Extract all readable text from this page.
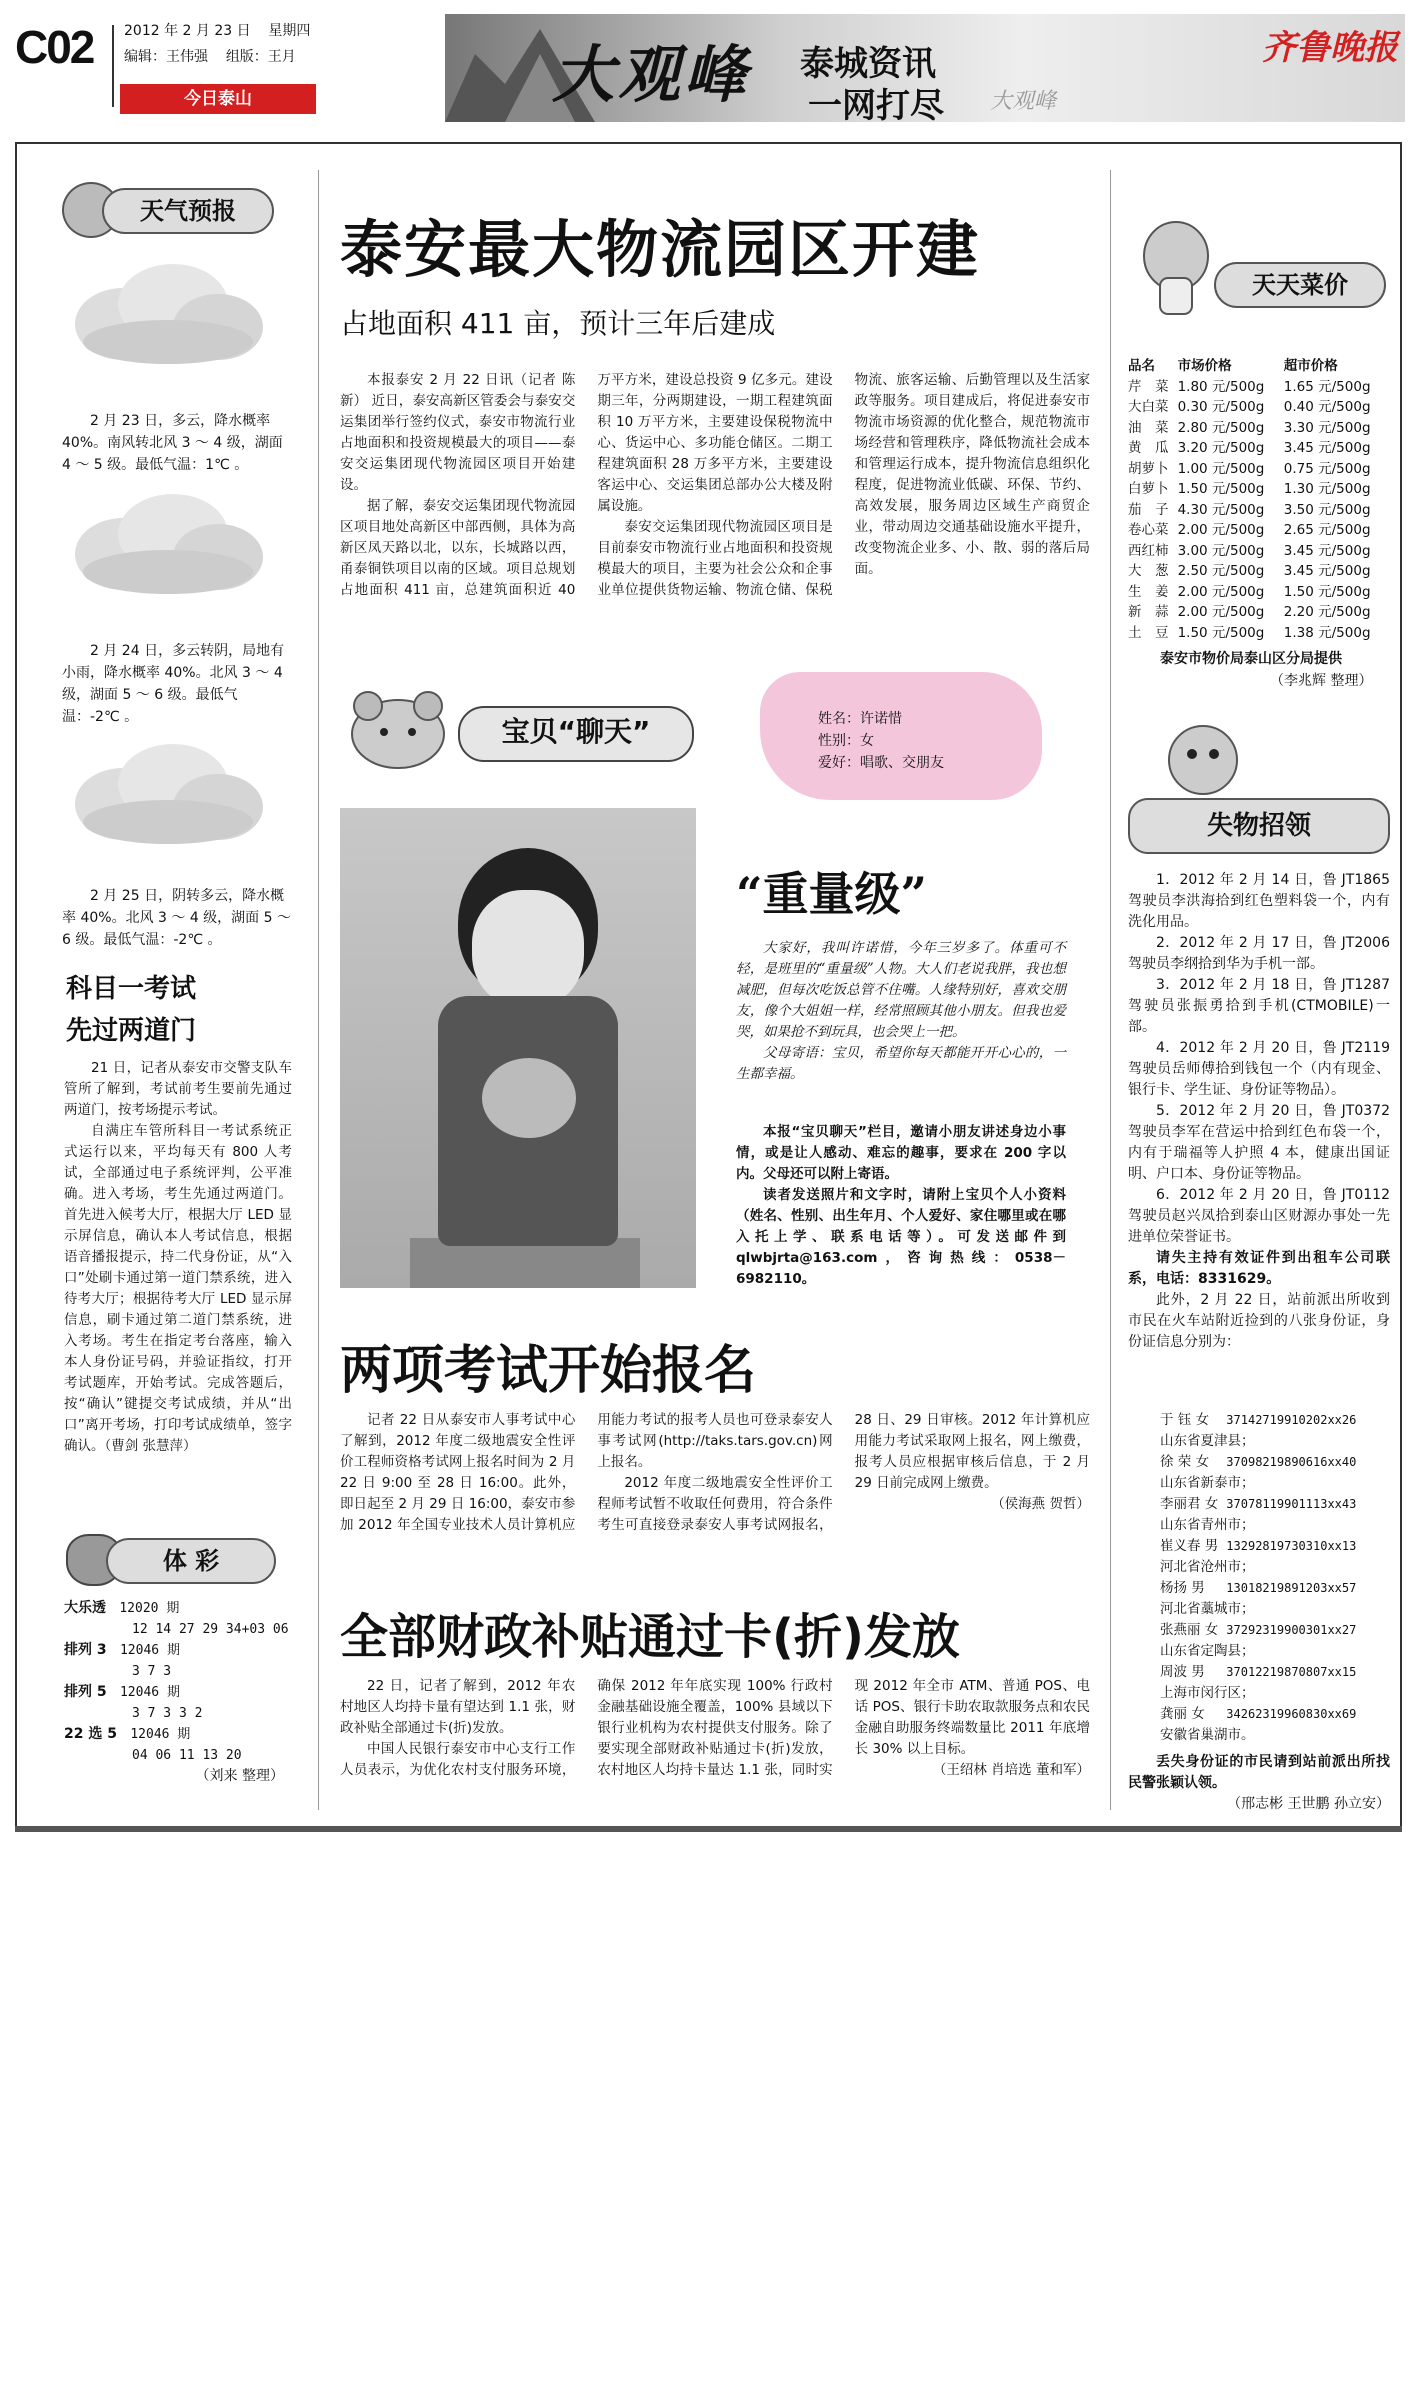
C02 2012 年 2 月 23 日 星期四
编辑：王伟强 组版：王月
今日泰山	大观峰 泰城资讯
一网打尽 大观峰
齐鲁晚报
天气预报

2 月 23 日，多云，降水概率 40%。南风转北风 3 ～ 4 级，湖面 4 ～ 5 级。最低气温：1℃ 。

2 月 24 日，多云转阴，局地有小雨，降水概率 40%。北风 3 ～ 4 级，湖面 5 ～ 6 级。最低气温：-2℃ 。

2 月 25 日，阴转多云，降水概率 40%。北风 3 ～ 4 级，湖面 5 ～ 6 级。最低气温：-2℃ 。

科目一考试
先过两道门

21 日，记者从泰安市交警支队车管所了解到，考试前考生要前先通过两道门，按考场提示考试。

自满庄车管所科目一考试系统正式运行以来，平均每天有 800 人考试，全部通过电子系统评判，公平准确。进入考场，考生先通过两道门。首先进入候考大厅，根据大厅 LED 显示屏信息，确认本人考试信息，根据语音播报提示，持二代身份证，从“入口”处刷卡通过第一道门禁系统，进入待考大厅；根据待考大厅 LED 显示屏信息，刷卡通过第二道门禁系统，进入考场。考生在指定考台落座，输入本人身份证号码，并验证指纹，打开考试题库，开始考试。完成答题后，按“确认”键提交考试成绩，并从“出口”离开考场，打印考试成绩单，签字确认。（曹剑 张慧萍）

体 彩
大乐透 12020 期
12 14 27 29 34+03 06
排列 3 12046 期
3 7 3
排列 5 12046 期
3 7 3 3 2
22 选 5 12046 期
04 06 11 13 20
（刘来 整理）
泰安最大物流园区开建
占地面积 411 亩，预计三年后建成

本报泰安 2 月 22 日讯（记者 陈新） 近日，泰安高新区管委会与泰安交运集团举行签约仪式，泰安市物流行业占地面积和投资规模最大的项目——泰安交运集团现代物流园区项目开始建设。

据了解，泰安交运集团现代物流园区项目地处高新区中部西侧，具体为高新区凤天路以北，以东，长城路以西，甬泰铜铁项目以南的区域。项目总规划占地面积 411 亩，总建筑面积近 40 万平方米，建设总投资 9 亿多元。建设期三年，分两期建设，一期工程建筑面积 10 万平方米，主要建设保税物流中心、货运中心、多功能仓储区。二期工程建筑面积 28 万多平方米，主要建设客运中心、交运集团总部办公大楼及附属设施。

泰安交运集团现代物流园区项目是目前泰安市物流行业占地面积和投资规模最大的项目，主要为社会公众和企事业单位提供货物运输、物流仓储、保税物流、旅客运输、后勤管理以及生活家政等服务。项目建成后，将促进泰安市物流市场资源的优化整合，规范物流市场经营和管理秩序，降低物流社会成本和管理运行成本，提升物流信息组织化程度，促进物流业低碳、环保、节约、高效发展，服务周边区域生产商贸企业，带动周边交通基础设施水平提升，改变物流企业多、小、散、弱的落后局面。

宝贝“聊天”	姓名：许诺惜
性别：女
爱好：唱歌、交朋友
“重量级”

大家好，我叫许诺惜，今年三岁多了。体重可不轻，是班里的“重量级”人物。大人们老说我胖，我也想减肥，但每次吃饭总管不住嘴。人缘特别好，喜欢交朋友，像个大姐姐一样，经常照顾其他小朋友。但我也爱哭，如果抢不到玩具，也会哭上一把。

父母寄语：宝贝，希望你每天都能开开心心的，一生都幸福。

本报“宝贝聊天”栏目，邀请小朋友讲述身边小事情，或是让人感动、难忘的趣事，要求在 200 字以内。父母还可以附上寄语。

读者发送照片和文字时，请附上宝贝个人小资料（姓名、性别、出生年月、个人爱好、家住哪里或在哪入托上学、联系电话等）。可发送邮件到 qlwbjrta@163.com，咨询热线：0538－6982110。

两项考试开始报名

记者 22 日从泰安市人事考试中心了解到，2012 年度二级地震安全性评价工程师资格考试网上报名时间为 2 月 22 日 9:00 至 28 日 16:00。此外，即日起至 2 月 29 日 16:00，泰安市参加 2012 年全国专业技术人员计算机应用能力考试的报考人员也可登录泰安人事考试网(http://taks.tars.gov.cn)网上报名。

2012 年度二级地震安全性评价工程师考试暂不收取任何费用，符合条件考生可直接登录泰安人事考试网报名，28 日、29 日审核。2012 年计算机应用能力考试采取网上报名，网上缴费，报考人员应根据审核后信息，于 2 月 29 日前完成网上缴费。

（侯海燕 贺哲）

全部财政补贴通过卡(折)发放

22 日，记者了解到，2012 年农村地区人均持卡量有望达到 1.1 张，财政补贴全部通过卡(折)发放。

中国人民银行泰安市中心支行工作人员表示，为优化农村支付服务环境，确保 2012 年年底实现 100% 行政村金融基础设施全覆盖，100% 县域以下银行业机构为农村提供支付服务。除了要实现全部财政补贴通过卡(折)发放，农村地区人均持卡量达 1.1 张，同时实现 2012 年全市 ATM、普通 POS、电话 POS、银行卡助农取款服务点和农民金融自助服务终端数量比 2011 年底增长 30% 以上目标。

（王绍林 肖培选 董和军）

天天菜价
品名	市场价格	超市价格
芹　菜	1.80 元/500g	1.65 元/500g
大白菜	0.30 元/500g	0.40 元/500g
油　菜	2.80 元/500g	3.30 元/500g
黄　瓜	3.20 元/500g	3.45 元/500g
胡萝卜	1.00 元/500g	0.75 元/500g
白萝卜	1.50 元/500g	1.30 元/500g
茄　子	4.30 元/500g	3.50 元/500g
卷心菜	2.00 元/500g	2.65 元/500g
西红柿	3.00 元/500g	3.45 元/500g
大　葱	2.50 元/500g	3.45 元/500g
生　姜	2.00 元/500g	1.50 元/500g
新　蒜	2.00 元/500g	2.20 元/500g
土　豆	1.50 元/500g	1.38 元/500g
泰安市物价局泰山区分局提供
（李兆辉 整理）
失物招领

1．2012 年 2 月 14 日，鲁 JT1865 驾驶员李洪海拾到红色塑料袋一个，内有洗化用品。

2．2012 年 2 月 17 日，鲁 JT2006 驾驶员李纲拾到华为手机一部。

3．2012 年 2 月 18 日，鲁 JT1287 驾驶员张振勇拾到手机(CTMOBILE)一部。

4．2012 年 2 月 20 日，鲁 JT2119 驾驶员岳师傅拾到钱包一个（内有现金、银行卡、学生证、身份证等物品）。

5．2012 年 2 月 20 日，鲁 JT0372 驾驶员李军在营运中拾到红色布袋一个，内有于瑞福等人护照 4 本，健康出国证明、户口本、身份证等物品。

6．2012 年 2 月 20 日，鲁 JT0112 驾驶员赵兴凤拾到泰山区财源办事处一先进单位荣誉证书。

请失主持有效证件到出租车公司联系，电话：8331629。

此外，2 月 22 日，站前派出所收到市民在火车站附近捡到的八张身份证，身份证信息分别为：

于 钰 女	37142719910202xx26
山东省夏津县；	
徐 荣 女	37098219890616xx40
山东省新泰市；	
李丽君 女	37078119901113xx43
山东省青州市；	
崔义春 男	13292819730310xx13
河北省沧州市；	
杨扬 男	13018219891203xx57
河北省藁城市；	
张燕丽 女	37292319900301xx27
山东省定陶县；	
周波 男	37012219870807xx15
上海市闵行区；	
龚丽 女	34262319960830xx69
安徽省巢湖市。	

丢失身份证的市民请到站前派出所找民警张颖认领。

（邢志彬 王世鹏 孙立安）
